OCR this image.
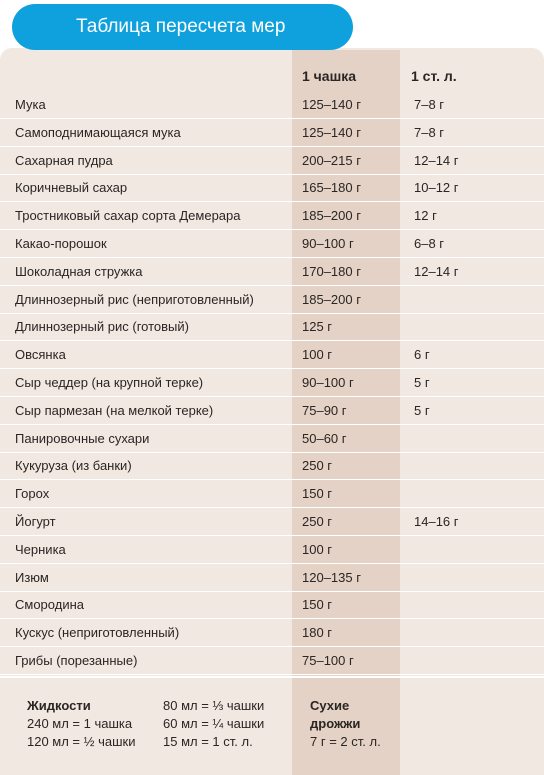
Таблица пересчета мер
1 чашка	1 ст. л.
Мука	125–140 г	7–8 г
Самоподнимающаяся мука	125–140 г	7–8 г
Сахарная пудра	200–215 г	12–14 г
Коричневый сахар	165–180 г	10–12 г
Тростниковый сахар сорта Демерара	185–200 г	12 г
Какао-порошок	90–100 г	6–8 г
Шоколадная стружка	170–180 г	12–14 г
Длиннозерный рис (неприготовленный)	185–200 г
Длиннозерный рис (готовый)	125 г
Овсянка	100 г	6 г
Сыр чеддер (на крупной терке)	90–100 г	5 г
Сыр пармезан (на мелкой терке)	75–90 г	5 г
Панировочные сухари	50–60 г
Кукуруза (из банки)	250 г
Горох	150 г
Йогурт	250 г	14–16 г
Черника	100 г
Изюм	120–135 г
Смородина	150 г
Кускус (неприготовленный)	180 г
Грибы (порезанные)	75–100 г
Жидкости
240 мл = 1 чашка
120 мл = ½ чашки
80 мл = ⅓ чашки
60 мл = ¼ чашки
15 мл = 1 ст. л.
Сухие
дрожжи
7 г = 2 ст. л.
